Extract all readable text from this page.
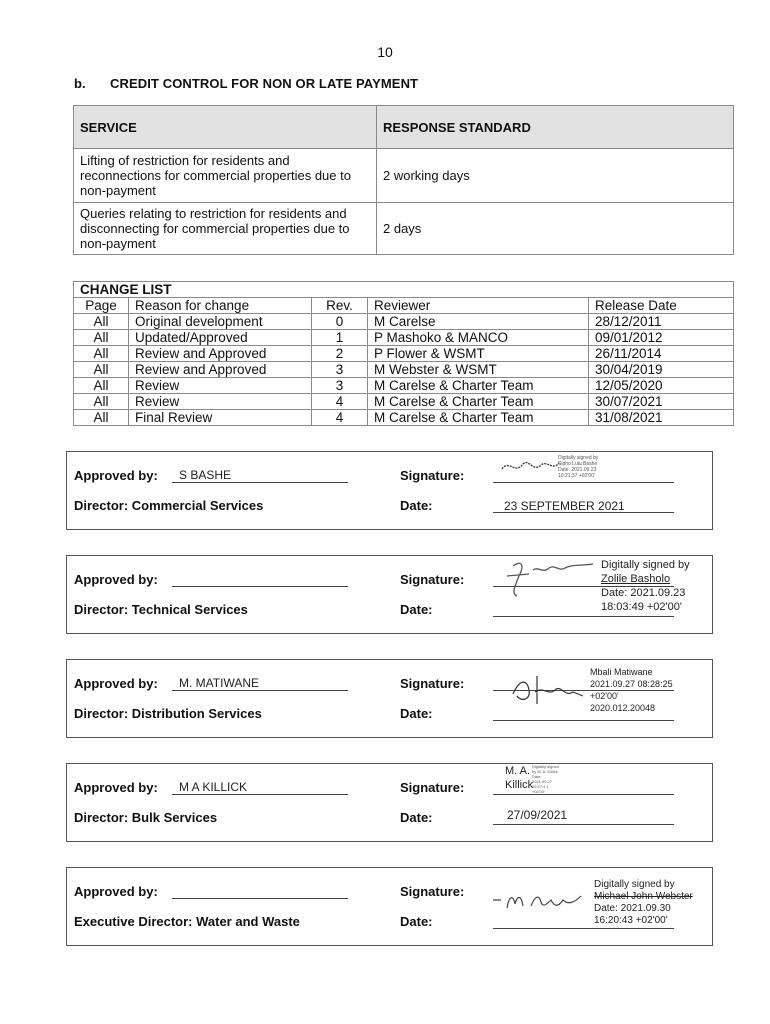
10
b. CREDIT CONTROL FOR NON OR LATE PAYMENT
SERVICE	RESPONSE STANDARD
Lifting of restriction for residents and reconnections for commercial properties due to non-payment	2 working days
Queries relating to restriction for residents and disconnecting for commercial properties due to non-payment	2 days
CHANGE LIST				
Page	Reason for change	Rev.	Reviewer	Release Date
All	Original development	0	M Carelse	28/12/2011
All	Updated/Approved	1	P Mashoko & MANCO	09/01/2012
All	Review and Approved	2	P Flower & WSMT	26/11/2014
All	Review and Approved	3	M Webster & WSMT	30/04/2019
All	Review	3	M Carelse & Charter Team	12/05/2020
All	Review	4	M Carelse & Charter Team	30/07/2021
All	Final Review	4	M Carelse & Charter Team	31/08/2021
Approved by: S BASHE	Signature:
Digitally signed by
Sipho Lulu Bashe
Date: 2021.09.23
10:21:37 +02'00'
Director: Commercial Services	Date:	23 SEPTEMBER 2021
Approved by:	Signature:
Digitally signed by
Zolile Basholo
Date: 2021.09.23
18:03:49 +02'00'
Director: Technical Services	Date:
Approved by: M. MATIWANE	Signature:
Mbali Matiwane
2021.09.27 08:28:25
+02'00'
2020.012.20048
Director: Distribution Services	Date:
Approved by: M A KILLICK	Signature:
M. A.
Killick
Digitally signed
by M. A. Killick
Date:
2021.09.27
09:47:4 1
+02'00'
Director: Bulk Services	Date:	27/09/2021
Approved by:	Signature:	Digitally signed by
Michael John Webster
Date: 2021.09.30
16:20:43 +02'00'
Executive Director: Water and Waste	Date:
